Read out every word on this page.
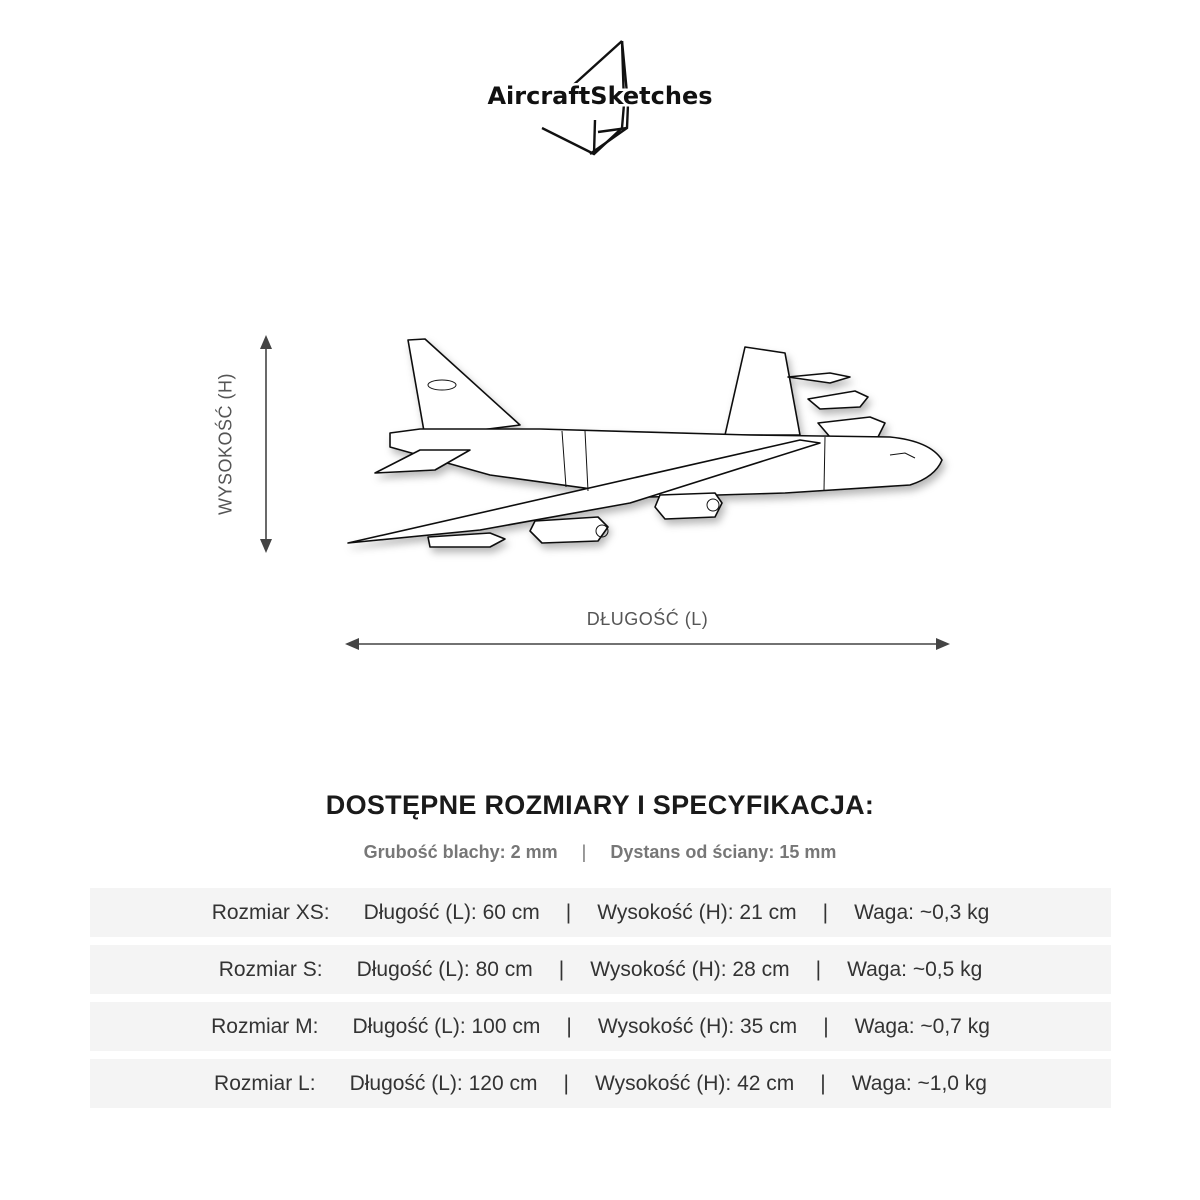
AircraftSketches
WYSOKOŚĆ (H)
DŁUGOŚĆ (L)
DOSTĘPNE ROZMIARY I SPECYFIKACJA:
Grubość blachy: 2 mm | Dystans od ściany: 15 mm
Rozmiar XS: Długość (L): 60 cm | Wysokość (H): 21 cm | Waga: ~0,3 kg
Rozmiar S: Długość (L): 80 cm | Wysokość (H): 28 cm | Waga: ~0,5 kg
Rozmiar M: Długość (L): 100 cm | Wysokość (H): 35 cm | Waga: ~0,7 kg
Rozmiar L: Długość (L): 120 cm | Wysokość (H): 42 cm | Waga: ~1,0 kg
